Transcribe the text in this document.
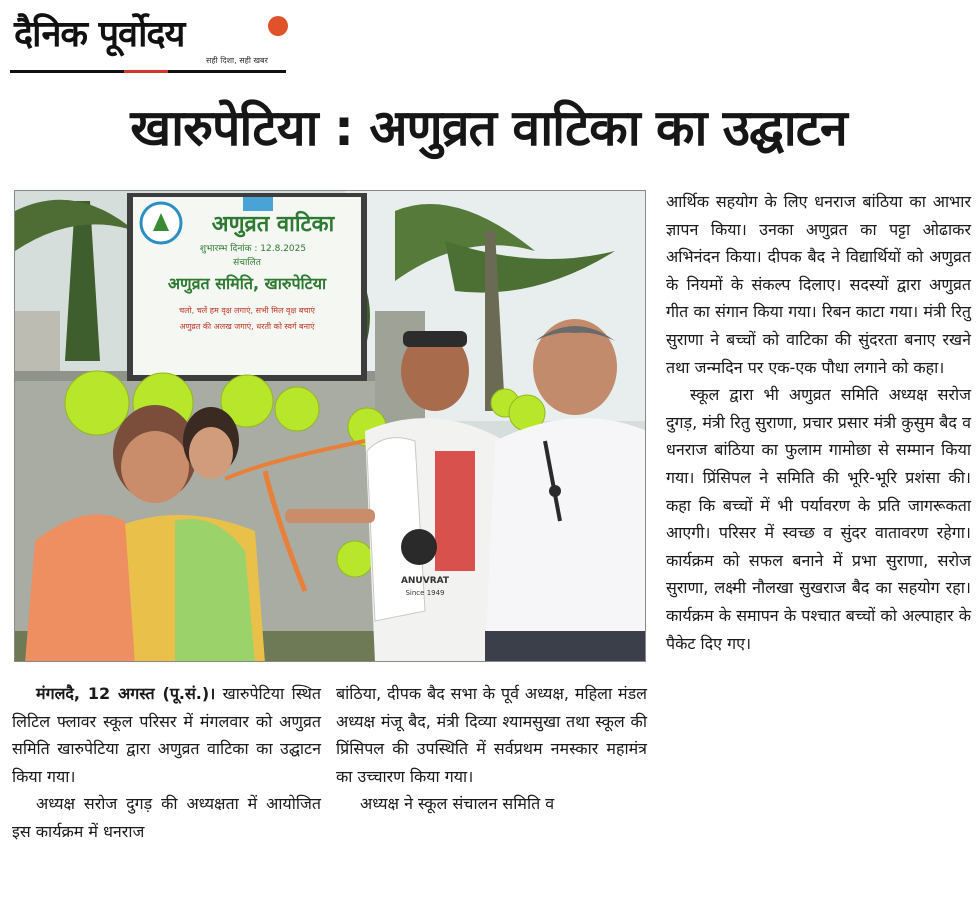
दैनिक पूर्वोदय
सही दिशा, सही खबर
खारुपेटिया : अणुव्रत वाटिका का उद्घाटन
अणुव्रत वाटिका
शुभारम्भ दिनांक : 12.8.2025
संचालित
अणुव्रत समिति, खारुपेटिया
चलो, चलें हम वृक्ष लगाएं, सभी मिल वृक्ष बचाएं
अणुव्रत की अलख जगाएं, धरती को स्वर्ग बनाएं
ANUVRAT
Since 1949

आर्थिक सहयोग के लिए धनराज बांठिया का आभार ज्ञापन किया। उनका अणुव्रत का पट्टा ओढाकर अभिनंदन किया। दीपक बैद ने विद्यार्थियों को अणुव्रत के नियमों के संकल्प दिलाए। सदस्यों द्वारा अणुव्रत गीत का संगान किया गया। रिबन काटा गया। मंत्री रितु सुराणा ने बच्चों को वाटिका की सुंदरता बनाए रखने तथा जन्मदिन पर एक-एक पौधा लगाने को कहा।

स्कूल द्वारा भी अणुव्रत समिति अध्यक्ष सरोज दुगड़, मंत्री रितु सुराणा, प्रचार प्रसार मंत्री कुसुम बैद व धनराज बांठिया का फुलाम गामोछा से सम्मान किया गया। प्रिंसिपल ने समिति की भूरि-भूरि प्रशंसा की। कहा कि बच्चों में भी पर्यावरण के प्रति जागरूकता आएगी। परिसर में स्वच्छ व सुंदर वातावरण रहेगा। कार्यक्रम को सफल बनाने में प्रभा सुराणा, सरोज सुराणा, लक्ष्मी नौलखा सुखराज बैद का सहयोग रहा। कार्यक्रम के समापन के पश्चात बच्चों को अल्पाहार के पैकेट दिए गए।

मंगलदै, 12 अगस्त (पू.सं.)। खारुपेटिया स्थित लिटिल फ्लावर स्कूल परिसर में मंगलवार को अणुव्रत समिति खारुपेटिया द्वारा अणुव्रत वाटिका का उद्घाटन किया गया।

अध्यक्ष सरोज दुगड़ की अध्यक्षता में आयोजित इस कार्यक्रम में धनराज

बांठिया, दीपक बैद सभा के पूर्व अध्यक्ष, महिला मंडल अध्यक्ष मंजू बैद, मंत्री दिव्या श्यामसुखा तथा स्कूल की प्रिंसिपल की उपस्थिति में सर्वप्रथम नमस्कार महामंत्र का उच्चारण किया गया।

अध्यक्ष ने स्कूल संचालन समिति व
